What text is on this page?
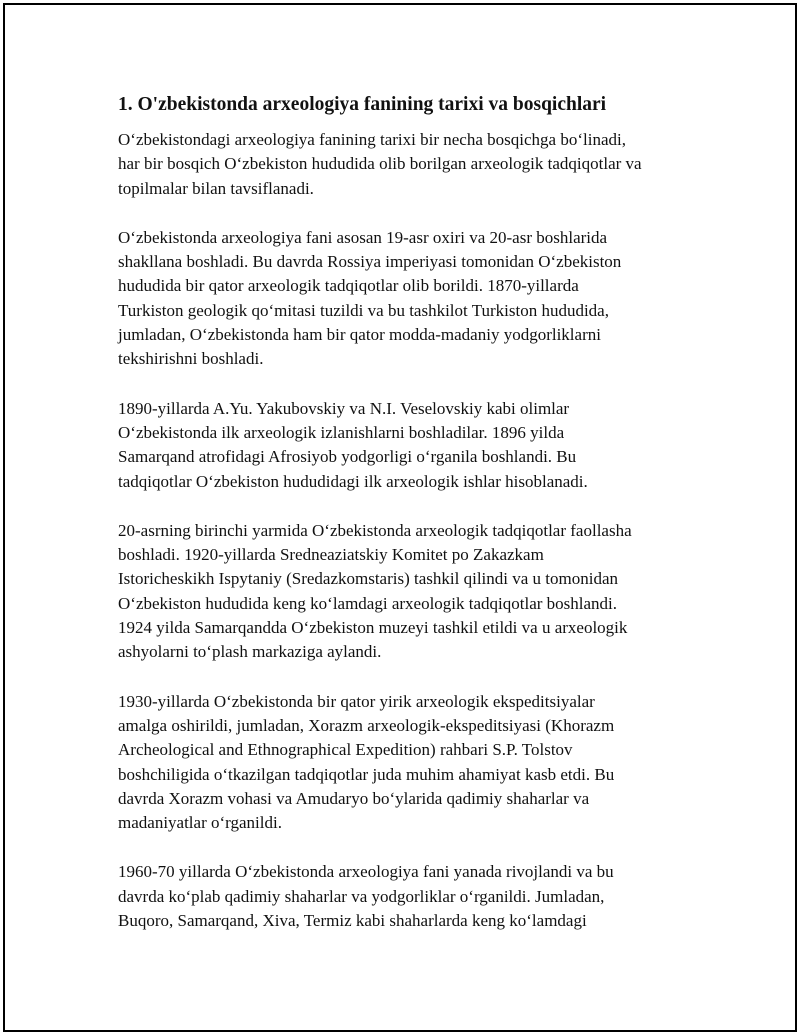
1. O'zbekistonda arxeologiya fanining tarixi va bosqichlari

O‘zbekistondagi arxeologiya fanining tarixi bir necha bosqichga bo‘linadi,
har bir bosqich O‘zbekiston hududida olib borilgan arxeologik tadqiqotlar va
topilmalar bilan tavsiflanadi.

O‘zbekistonda arxeologiya fani asosan 19-asr oxiri va 20-asr boshlarida
shakllana boshladi. Bu davrda Rossiya imperiyasi tomonidan O‘zbekiston
hududida bir qator arxeologik tadqiqotlar olib borildi. 1870-yillarda
Turkiston geologik qo‘mitasi tuzildi va bu tashkilot Turkiston hududida,
jumladan, O‘zbekistonda ham bir qator modda-madaniy yodgorliklarni
tekshirishni boshladi.

1890-yillarda A.Yu. Yakubovskiy va N.I. Veselovskiy kabi olimlar
O‘zbekistonda ilk arxeologik izlanishlarni boshladilar. 1896 yilda
Samarqand atrofidagi Afrosiyob yodgorligi o‘rganila boshlandi. Bu
tadqiqotlar O‘zbekiston hududidagi ilk arxeologik ishlar hisoblanadi.

20-asrning birinchi yarmida O‘zbekistonda arxeologik tadqiqotlar faollasha
boshladi. 1920-yillarda Sredneaziatskiy Komitet po Zakazkam
Istoricheskikh Ispytaniy (Sredazkomstaris) tashkil qilindi va u tomonidan
O‘zbekiston hududida keng ko‘lamdagi arxeologik tadqiqotlar boshlandi.
1924 yilda Samarqandda O‘zbekiston muzeyi tashkil etildi va u arxeologik
ashyolarni to‘plash markaziga aylandi.

1930-yillarda O‘zbekistonda bir qator yirik arxeologik ekspeditsiyalar
amalga oshirildi, jumladan, Xorazm arxeologik-ekspeditsiyasi (Khorazm
Archeological and Ethnographical Expedition) rahbari S.P. Tolstov
boshchiligida o‘tkazilgan tadqiqotlar juda muhim ahamiyat kasb etdi. Bu
davrda Xorazm vohasi va Amudaryo bo‘ylarida qadimiy shaharlar va
madaniyatlar o‘rganildi.

1960-70 yillarda O‘zbekistonda arxeologiya fani yanada rivojlandi va bu
davrda ko‘plab qadimiy shaharlar va yodgorliklar o‘rganildi. Jumladan,
Buqoro, Samarqand, Xiva, Termiz kabi shaharlarda keng ko‘lamdagi
